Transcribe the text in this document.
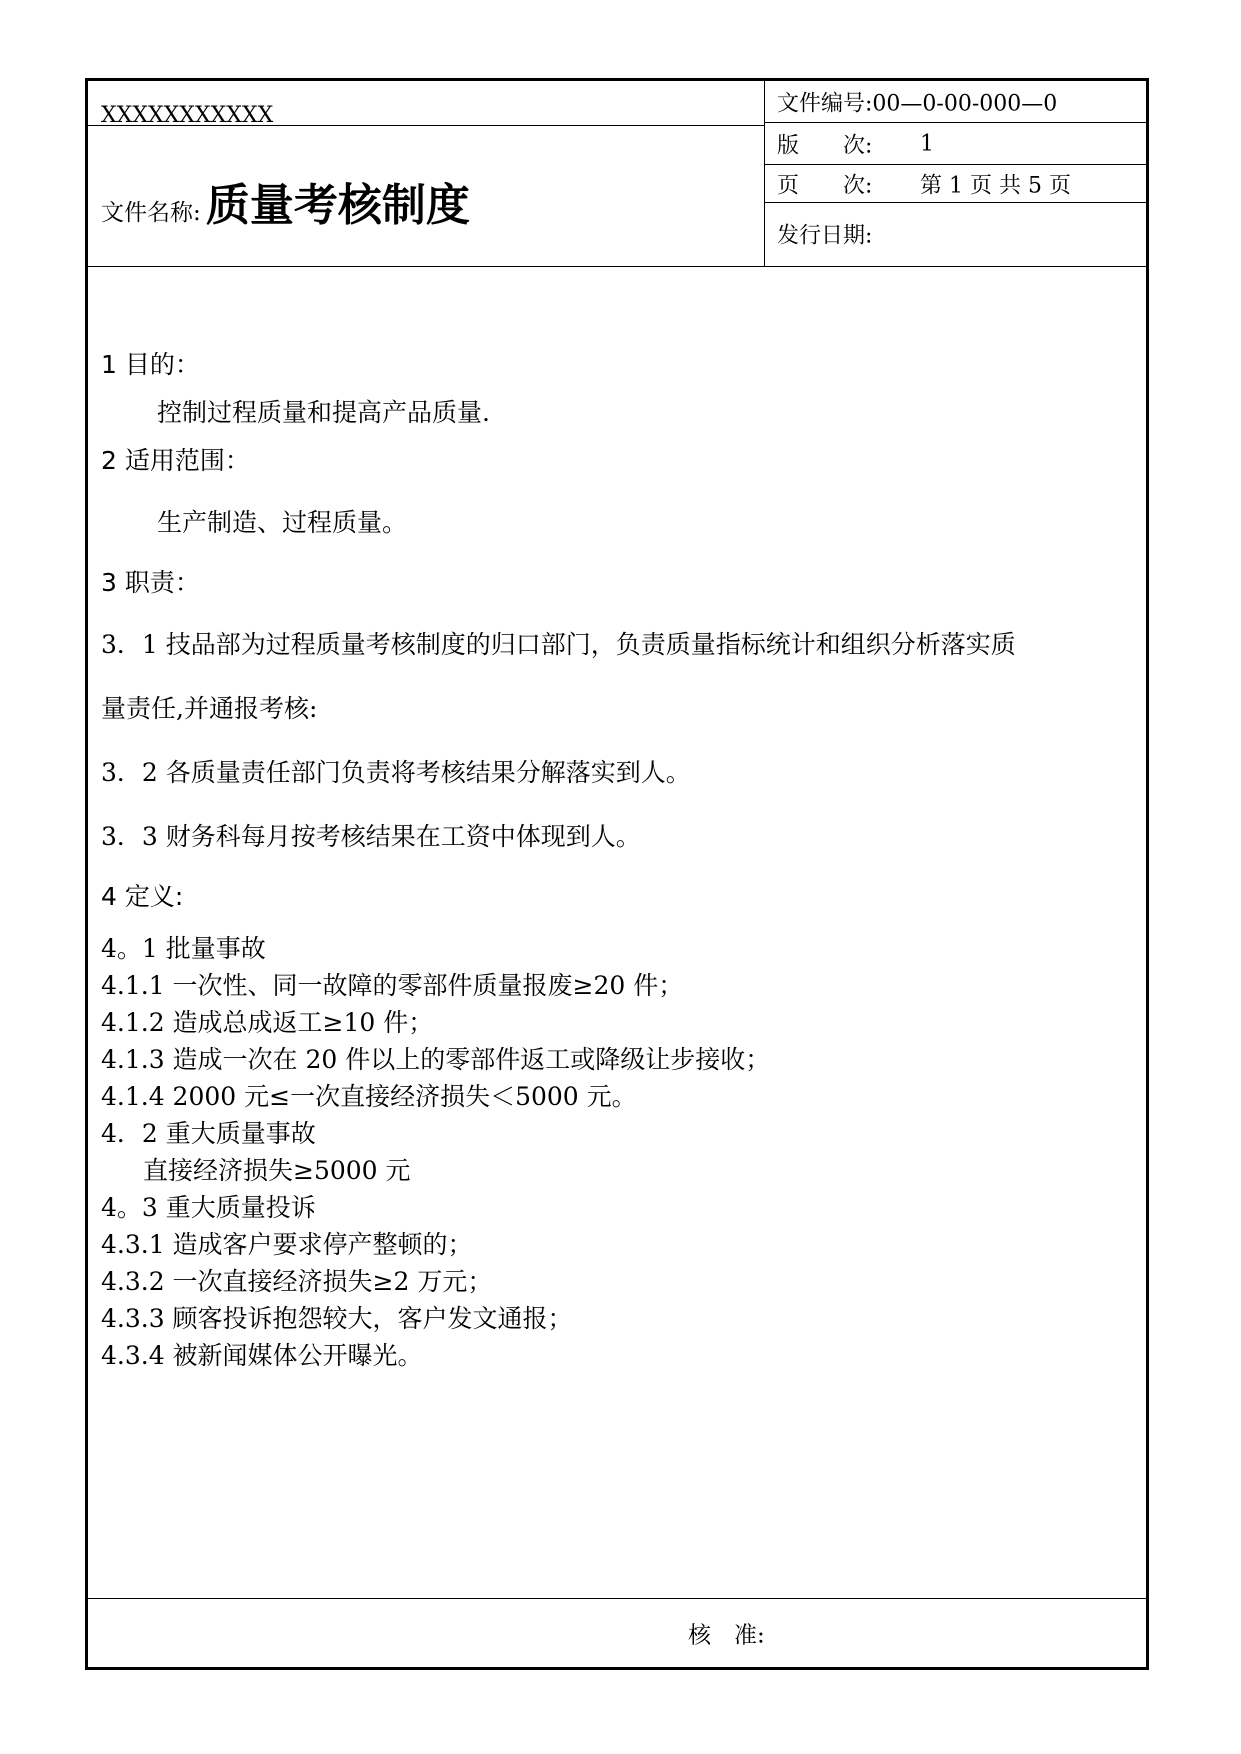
XXXXXXXXXXX
文件名称: 质量考核制度
文件编号:00—0-00-000—0
版　　次: 1
页　　次: 第 1 页 共 5 页
发行日期:
1 目的：
控制过程质量和提高产品质量.
2 适用范围：
生产制造、过程质量。
3 职责：
3．1 技品部为过程质量考核制度的归口部门，负责质量指标统计和组织分析落实质
量责任,并通报考核:
3．2 各质量责任部门负责将考核结果分解落实到人。
3．3 财务科每月按考核结果在工资中体现到人。
4 定义:
4。1 批量事故
4.1.1 一次性、同一故障的零部件质量报废≥20 件；
4.1.2 造成总成返工≥10 件；
4.1.3 造成一次在 20 件以上的零部件返工或降级让步接收；
4.1.4 2000 元≤一次直接经济损失＜5000 元。
4．2 重大质量事故
直接经济损失≥5000 元
4。3 重大质量投诉
4.3.1 造成客户要求停产整顿的；
4.3.2 一次直接经济损失≥2 万元；
4.3.3 顾客投诉抱怨较大，客户发文通报；
4.3.4 被新闻媒体公开曝光。
核　准:
